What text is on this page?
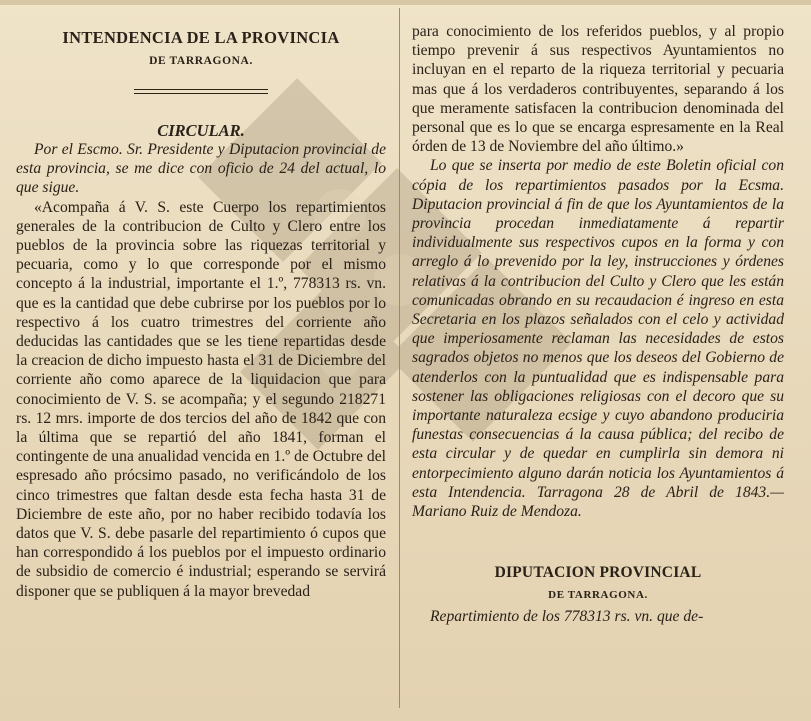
INTENDENCIA DE LA PROVINCIA
DE TARRAGONA.
CIRCULAR.

Por el Escmo. Sr. Presidente y Diputacion provincial de esta provincia, se me dice con oficio de 24 del actual, lo que sigue.

«Acompaña á V. S. este Cuerpo los repartimientos generales de la contribucion de Culto y Clero entre los pueblos de la provincia sobre las riquezas territorial y pecuaria, como y lo que corresponde por el mismo concepto á la industrial, importante el 1.º, 778313 rs. vn. que es la cantidad que debe cubrirse por los pueblos por lo respectivo á los cuatro trimestres del corriente año deducidas las cantidades que se les tiene repartidas desde la creacion de dicho impuesto hasta el 31 de Diciembre del corriente año como aparece de la liquidacion que para conocimiento de V. S. se acompaña; y el segundo 218271 rs. 12 mrs. importe de dos tercios del año de 1842 que con la última que se repartió del año 1841, forman el contingente de una anualidad vencida en 1.º de Octubre del espresado año prócsimo pasado, no verificándolo de los cinco trimestres que faltan desde esta fecha hasta 31 de Diciembre de este año, por no haber recibido todavía los datos que V. S. debe pasarle del repartimiento ó cupos que han correspondido á los pueblos por el impuesto ordinario de subsidio de comercio é industrial; esperando se servirá disponer que se publiquen á la mayor brevedad

para conocimiento de los referidos pueblos, y al propio tiempo prevenir á sus respectivos Ayuntamientos no incluyan en el reparto de la riqueza territorial y pecuaria mas que á los verdaderos contribuyentes, separando á los que meramente satisfacen la contribucion denominada del personal que es lo que se encarga espresamente en la Real órden de 13 de Noviembre del año último.»

Lo que se inserta por medio de este Boletin oficial con cópia de los repartimientos pasados por la Ecsma. Diputacion provincial á fin de que los Ayuntamientos de la provincia procedan inmediatamente á repartir individualmente sus respectivos cupos en la forma y con arreglo á lo prevenido por la ley, instrucciones y órdenes relativas á la contribucion del Culto y Clero que les están comunicadas obrando en su recaudacion é ingreso en esta Secretaria en los plazos señalados con el celo y actividad que imperiosamente reclaman las necesidades de estos sagrados objetos no menos que los deseos del Gobierno de atenderlos con la puntualidad que es indispensable para sostener las obligaciones religiosas con el decoro que su importante naturaleza ecsige y cuyo abandono produciria funestas consecuencias á la causa pública; del recibo de esta circular y de quedar en cumplirla sin demora ni entorpecimiento alguno darán noticia los Ayuntamientos á esta Intendencia. Tarragona 28 de Abril de 1843.— Mariano Ruiz de Mendoza.

DIPUTACION PROVINCIAL
DE TARRAGONA.

Repartimiento de los 778313 rs. vn. que de-
